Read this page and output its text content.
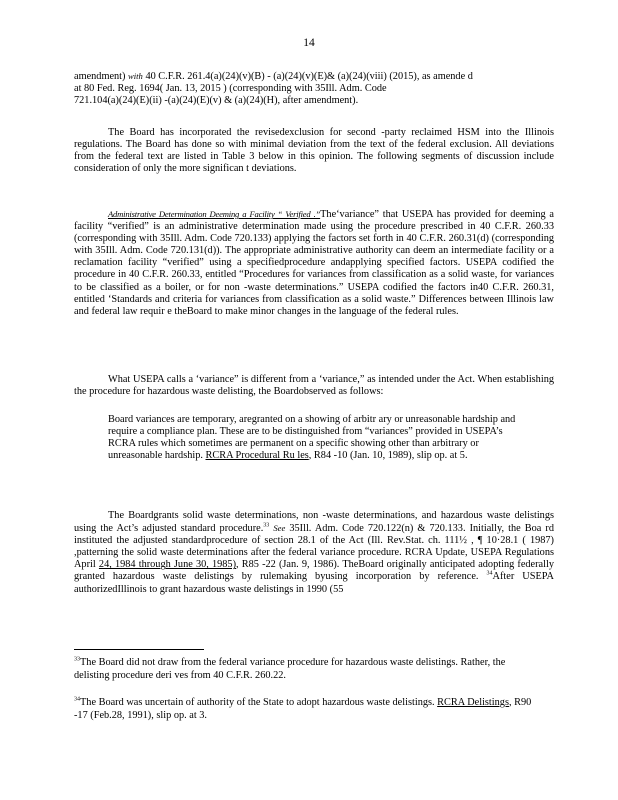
14

amendment) with 40 C.F.R. 261.4(a)(24)(v)(B) - (a)(24)(v)(E)& (a)(24)(viii) (2015), as amende d

at 80 Fed. Reg. 1694( Jan. 13, 2015 ) (corresponding with 35Ill. Adm. Code

721.104(a)(24)(E)(ii) -(a)(24)(E)(v) & (a)(24)(H), after amendment).

The Board has incorporated the revisedexclusion for second -party reclaimed HSM into the Illinois regulations. The Board has done so with minimal deviation from the text of the federal exclusion. All deviations from the federal text are listed in Table 3 below in this opinion. The following segments of discussion include consideration of only the more significan t deviations.

Administrative Determination Deeming a Facility “ Verified .”The‘variance” that USEPA has provided for deeming a facility “verified” is an administrative determination made using the procedure prescribed in 40 C.F.R. 260.33 (corresponding with 35Ill. Adm. Code 720.133) applying the factors set forth in 40 C.F.R. 260.31(d) (corresponding with 35Ill. Adm. Code 720.131(d)). The appropriate administrative authority can deem an intermediate facility or a reclamation facility “verified” using a specifiedprocedure andapplying specified factors. USEPA codified the procedure in 40 C.F.R. 260.33, entitled “Procedures for variances from classification as a solid waste, for variances to be classified as a boiler, or for non -waste determinations.” USEPA codified the factors in40 C.F.R. 260.31, entitled ‘Standards and criteria for variances from classification as a solid waste.” Differences between Illinois law and federal law requir e theBoard to make minor changes in the language of the federal rules.

What USEPA calls a ‘variance” is different from a ‘variance,” as intended under the Act. When establishing the procedure for hazardous waste delisting, the Boardobserved as follows:

Board variances are temporary, aregranted on a showing of arbitr ary or unreasonable hardship and require a compliance plan. These are to be distinguished from “variances” provided in USEPA’s RCRA rules which sometimes are permanent on a specific showing other than arbitrary or unreasonable hardship. RCRA Procedural Ru les, R84 -10 (Jan. 10, 1989), slip op. at 5.

The Boardgrants solid waste determinations, non -waste determinations, and hazardous waste delistings using the Act’s adjusted standard procedure.$^{33}$ See 35Ill. Adm. Code 720.122(n) & 720.133. Initially, the Boa rd instituted the adjusted standardprocedure of section 28.1 of the Act (Ill. Rev.Stat. ch. 111½ , ¶ 10·28.1 ( 1987) ,patterning the solid waste determinations after the federal variance procedure. RCRA Update, USEPA Regulations April 24, 1984 through June 30, 1985), R85 -22 (Jan. 9, 1986). TheBoard originally anticipated adopting federally granted hazardous waste delistings by rulemaking byusing incorporation by reference. $^{34}$After USEPA authorizedIllinois to grant hazardous waste delistings in 1990 (55

$^{33}$The Board did not draw from the federal variance procedure for hazardous waste delistings. Rather, the delisting procedure deri ves from 40 C.F.R. 260.22.

$^{34}$The Board was uncertain of authority of the State to adopt hazardous waste delistings. RCRA Delistings, R90 -17 (Feb.28, 1991), slip op. at 3.
